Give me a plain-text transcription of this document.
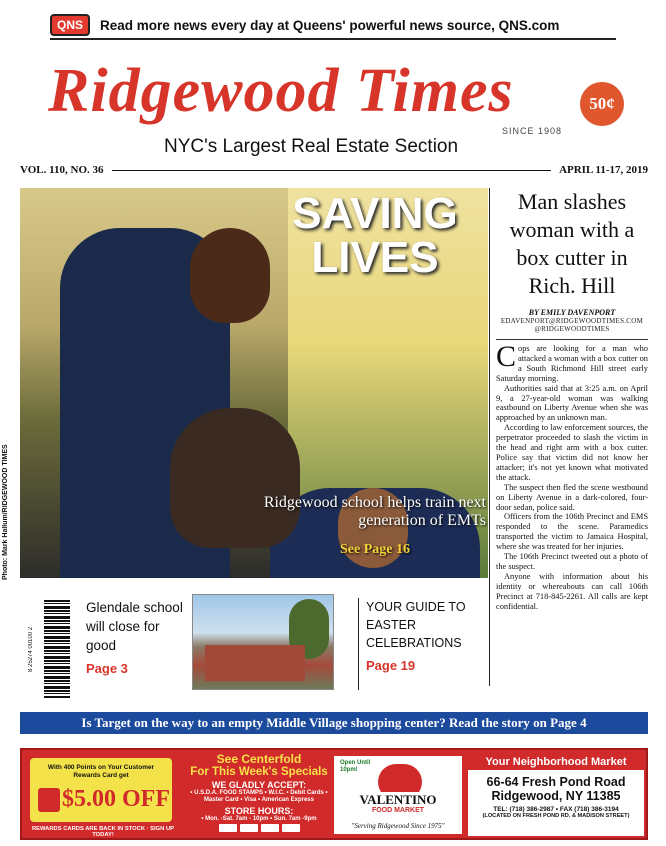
QNS	Read more news every day at Queens' powerful news source, QNS.com
Ridgewood Times	50¢
SINCE 1908
NYC's Largest Real Estate Section
VOL. 110, NO. 36	APRIL 11-17, 2019
SAVING LIVES
Ridgewood school helps train next generation of EMTs
See Page 16
Photo: Mark Hallum/RIDGEWOOD TIMES
Man slashes woman with a box cutter in Rich. Hill
BY EMILY DAVENPORT
EDAVENPORT@RIDGEWOODTIMES.COM
@RIDGEWOODTIMES

Cops are looking for a man who attacked a woman with a box cutter on a South Richmond Hill street early Saturday morning.

Authorities said that at 3:25 a.m. on April 9, a 27-year-old woman was walking eastbound on Liberty Avenue when she was approached by an unknown man.

According to law enforcement sources, the perpetrator proceeded to slash the victim in the head and right arm with a box cutter. Police say that victim did not know her attacker; it's not yet known what motivated the attack.

The suspect then fled the scene westbound on Liberty Avenue in a dark-colored, four-door sedan, police said.

Officers from the 106th Precinct and EMS responded to the scene. Paramedics transported the victim to Jamaica Hospital, where she was treated for her injuries.

The 106th Precinct tweeted out a photo of the suspect.

Anyone with information about his identity or whereabouts can call 106th Precinct at 718-845-2261. All calls are kept confidential.

8 25274 00100 2
Glendale school will close for good
Page 3
YOUR GUIDE TO EASTER CELEBRATIONS
Page 19
Is Target on the way to an empty Middle Village shopping center? Read the story on Page 4
With 400 Points on Your Customer Rewards Card get
$5.00 OFF
REWARDS CARDS ARE BACK IN STOCK · SIGN UP TODAY!
See Centerfold
For This Week's Specials
WE GLADLY ACCEPT:
• U.S.D.A. FOOD STAMPS • W.I.C. • Debit Cards • Master Card • Visa • American Express
STORE HOURS:
• Mon. -Sat. 7am - 10pm • Sun. 7am -9pm
Open Until 10pm!
VALENTINO
FOOD MARKET
"Serving Ridgewood Since 1975"
Your Neighborhood Market
66-64 Fresh Pond Road
Ridgewood, NY 11385
TEL: (718) 386-2987 • FAX (718) 386-3194
(LOCATED ON FRESH POND RD. & MADISON STREET)
